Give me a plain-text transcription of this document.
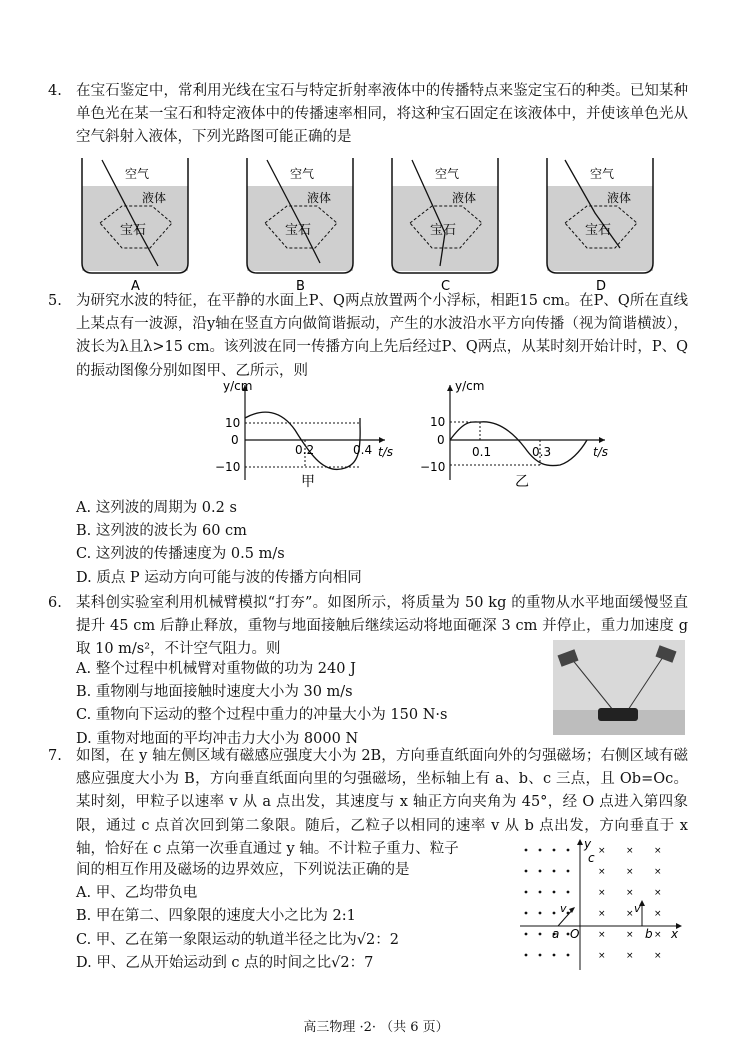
4. 在宝石鉴定中，常利用光线在宝石与特定折射率液体中的传播特点来鉴定宝石的种类。已知某种单色光在某一宝石和特定液体中的传播速率相同，将这种宝石固定在该液体中，并使该单色光从空气斜射入液体，下列光路图可能正确的是
空气
液体
宝石
A
空气
液体
宝石
B
空气
液体
宝石
C
空气
液体
宝石
D
5. 为研究水波的特征，在平静的水面上P、Q两点放置两个小浮标，相距15 cm。在P、Q所在直线上某点有一波源，沿y轴在竖直方向做简谐振动，产生的水波沿水平方向传播（视为简谐横波），波长为λ且λ>15 cm。该列波在同一传播方向上先后经过P、Q两点，从某时刻开始计时，P、Q的振动图像分别如图甲、乙所示，则
y/cm
10
0
−10
0.2	0.4 t/s
甲
y/cm
10
0
−10
0.1	0.3	t/s
乙
A. 这列波的周期为 0.2 s
B. 这列波的波长为 60 cm
C. 这列波的传播速度为 0.5 m/s
D. 质点 P 运动方向可能与波的传播方向相同
6. 某科创实验室利用机械臂模拟“打夯”。如图所示，将质量为 50 kg 的重物从水平地面缓慢竖直提升 45 cm 后静止释放，重物与地面接触后继续运动将地面砸深 3 cm 并停止，重力加速度 g 取 10 m/s²，不计空气阻力。则
A. 整个过程中机械臂对重物做的功为 240 J
B. 重物刚与地面接触时速度大小为 30 m/s
C. 重物向下运动的整个过程中重力的冲量大小为 150 N·s
D. 重物对地面的平均冲击力大小为 8000 N
7. 如图，在 y 轴左侧区域有磁感应强度大小为 2B，方向垂直纸面向外的匀强磁场；右侧区域有磁感应强度大小为 B，方向垂直纸面向里的匀强磁场，坐标轴上有 a、b、c 三点，且 Ob=Oc。某时刻，甲粒子以速率 v 从 a 点出发，其速度与 x 轴正方向夹角为 45°，经 O 点进入第四象限，通过 c 点首次回到第二象限。随后，乙粒子以相同的速率 v 从 b 点出发，方向垂直于 x 轴，恰好在 c 点第一次垂直通过 y 轴。不计粒子重力、粒子
间的相互作用及磁场的边界效应，下列说法正确的是
A. 甲、乙均带负电
B. 甲在第二、四象限的速度大小之比为 2:1
C. 甲、乙在第一象限运动的轨道半径之比为√2：2
D. 甲、乙从开始运动到 c 点的时间之比√2：7
× × ×
× × ×
× × ×
× × ×
× × ×
× × ×
y
x
c
a	b
O
v	v
高三物理 ·2· （共 6 页）
